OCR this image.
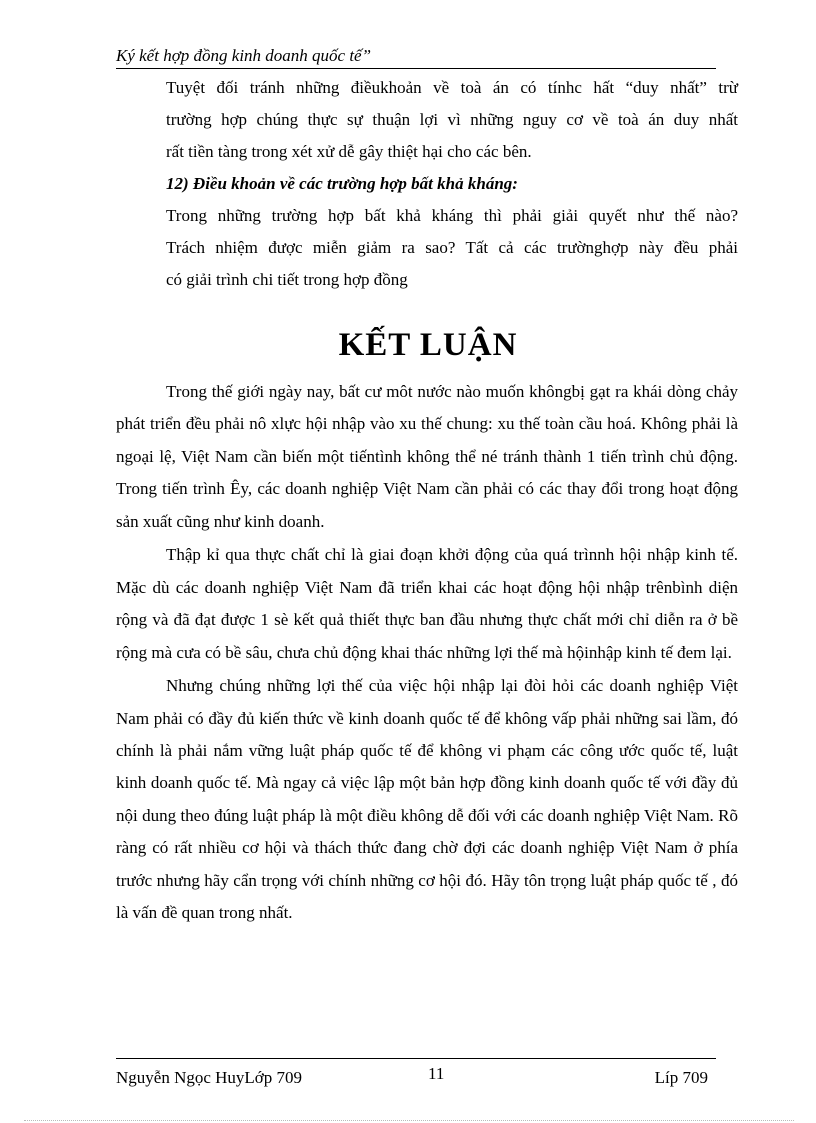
Ký kết hợp đồng kinh doanh quốc tế”

Tuyệt đối tránh những điềukhoản về toà án có tínhc hất “duy nhất” trừ

trường hợp chúng thực sự thuận lợi vì những nguy cơ về toà án duy nhất

rất tiền tàng trong xét xử dễ gây thiệt hại cho các bên.

12) Điều khoản về các trường hợp bất khả kháng:

Trong những trường hợp bất khả kháng thì phải giải quyết như thế nào?

Trách nhiệm được miễn giảm ra sao? Tất cả các trườnghợp này đều phải

có giải trình chi tiết trong hợp đồng

KẾT LUẬN

Trong thế giới ngày nay, bất cư môt nước nào muốn khôngbị gạt ra khái dòng chảy phát triển đều phải nô xlực hội nhập vào xu thế chung: xu thế toàn cầu hoá. Không phải là ngoại lệ, Việt Nam cần biến một tiếntình không thể né tránh thành 1 tiến trình chủ động. Trong tiến trình Êy, các doanh nghiệp Việt Nam cần phải có các thay đổi trong hoạt động sản xuất cũng như kinh doanh.

Thập kỉ qua thực chất chỉ là giai đoạn khởi động của quá trìnnh hội nhập kinh tế. Mặc dù các doanh nghiệp Việt Nam đã triển khai các hoạt động hội nhập trênbình diện rộng và đã đạt được 1 sè kết quả thiết thực ban đầu nhưng thực chất mới chỉ diễn ra ở bề rộng mà cưa có bề sâu, chưa chủ động khai thác những lợi thế mà hộinhập kinh tế đem lại.

Nhưng chúng những lợi thế của việc hội nhập lại đòi hỏi các doanh nghiệp Việt Nam phải có đầy đủ kiến thức về kinh doanh quốc tế để không vấp phải những sai lầm, đó chính là phải nắm vững luật pháp quốc tế để không vi phạm các công ước quốc tế, luật kinh doanh quốc tế. Mà ngay cả việc lập một bản hợp đồng kinh doanh quốc tế với đầy đủ nội dung theo đúng luật pháp là một điều không dễ đối với các doanh nghiệp Việt Nam. Rõ ràng có rất nhiều cơ hội và thách thức đang chờ đợi các doanh nghiệp Việt Nam ở phía trước nhưng hãy cẩn trọng với chính những cơ hội đó. Hãy tôn trọng luật pháp quốc tế , đó là vấn đề quan trong nhất.

Nguyễn Ngọc HuyLớp 709	11	Líp 709
